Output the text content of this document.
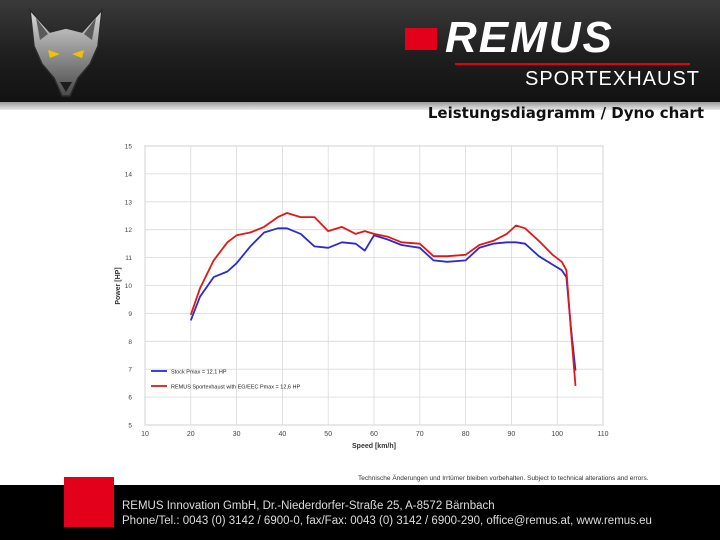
REMUS
SPORTEXHAUST
Leistungsdiagramm / Dyno chart
10	20	30	40	50	60	70	80	90	100	110
5
6
7
8
9
10
11
12
13
14
15
Speed [km/h]
Power [HP]
Stock Pmax = 12.1 HP
REMUS Sportexhaust with EG/EEC Pmax = 12,6 HP
Technische Änderungen und Irrtümer bleiben vorbehalten. Subject to technical alterations and errors.
REMUS Innovation GmbH, Dr.-Niederdorfer-Straße 25, A-8572 Bärnbach
Phone/Tel.: 0043 (0) 3142 / 6900-0, fax/Fax: 0043 (0) 3142 / 6900-290, office@remus.at, www.remus.eu
